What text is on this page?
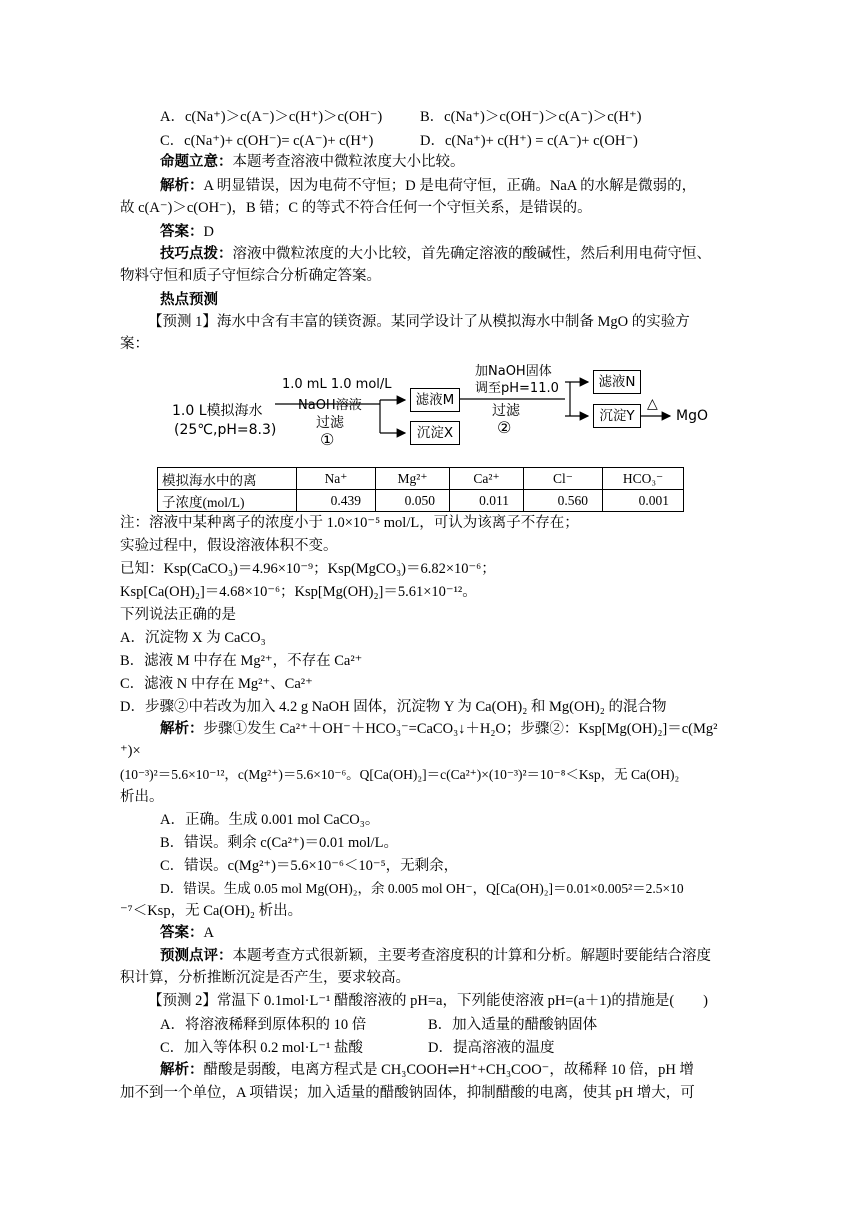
A．c(Na⁺)＞c(A⁻)＞c(H⁺)＞c(OH⁻)	B．c(Na⁺)＞c(OH⁻)＞c(A⁻)＞c(H⁺)
C．c(Na⁺)+ c(OH⁻)= c(A⁻)+ c(H⁺)	D．c(Na⁺)+ c(H⁺) = c(A⁻)+ c(OH⁻)
命题立意：本题考查溶液中微粒浓度大小比较。
解析：A 明显错误，因为电荷不守恒；D 是电荷守恒，正确。NaA 的水解是微弱的，
故 c(A⁻)＞c(OH⁻)，B 错；C 的等式不符合任何一个守恒关系，是错误的。
答案：D
技巧点拨：溶液中微粒浓度的大小比较，首先确定溶液的酸碱性，然后利用电荷守恒、
物料守恒和质子守恒综合分析确定答案。
热点预测
【预测 1】海水中含有丰富的镁资源。某同学设计了从模拟海水中制备 MgO 的实验方
案：
1.0 L模拟海水
(25℃,pH=8.3)
1.0 mL 1.0 mol/L
NaOH溶液
过滤
①
滤液M
沉淀X
加NaOH固体
调至pH=11.0
过滤
②
滤液N
沉淀Y
△
MgO
模拟海水中的离	Na⁺	Mg²⁺	Ca²⁺	Cl⁻	HCO₃⁻
子浓度(mol/L)	0.439	0.050	0.011	0.560	0.001
注：溶液中某种离子的浓度小于 1.0×10⁻⁵ mol/L，可认为该离子不存在；
实验过程中，假设溶液体积不变。
已知：Ksp(CaCO₃)＝4.96×10⁻⁹；Ksp(MgCO₃)＝6.82×10⁻⁶；
Ksp[Ca(OH)₂]＝4.68×10⁻⁶；Ksp[Mg(OH)₂]＝5.61×10⁻¹²。
下列说法正确的是
A．沉淀物 X 为 CaCO₃
B．滤液 M 中存在 Mg²⁺，不存在 Ca²⁺
C．滤液 N 中存在 Mg²⁺、Ca²⁺
D．步骤②中若改为加入 4.2 g NaOH 固体，沉淀物 Y 为 Ca(OH)₂ 和 Mg(OH)₂ 的混合物
解析：步骤①发生 Ca²⁺＋OH⁻＋HCO₃⁻=CaCO₃↓＋H₂O；步骤②：Ksp[Mg(OH)₂]＝c(Mg²
⁺)×
(10⁻³)²＝5.6×10⁻¹²，c(Mg²⁺)＝5.6×10⁻⁶。Q[Ca(OH)₂]＝c(Ca²⁺)×(10⁻³)²＝10⁻⁸＜Ksp，无 Ca(OH)₂
析出。
A．正确。生成 0.001 mol CaCO₃。
B．错误。剩余 c(Ca²⁺)＝0.01 mol/L。
C．错误。c(Mg²⁺)＝5.6×10⁻⁶＜10⁻⁵，无剩余，
D．错误。生成 0.05 mol Mg(OH)₂，余 0.005 mol OH⁻，Q[Ca(OH)₂]＝0.01×0.005²＝2.5×10
⁻⁷＜Ksp，无 Ca(OH)₂ 析出。
答案：A
预测点评：本题考查方式很新颖，主要考查溶度积的计算和分析。解题时要能结合溶度
积计算，分析推断沉淀是否产生，要求较高。
【预测 2】常温下 0.1mol·L⁻¹ 醋酸溶液的 pH=a，下列能使溶液 pH=(a＋1)的措施是(　　)
A．将溶液稀释到原体积的 10 倍	B．加入适量的醋酸钠固体
C．加入等体积 0.2 mol·L⁻¹ 盐酸	D．提高溶液的温度
解析：醋酸是弱酸，电离方程式是 CH₃COOH⇌H⁺+CH₃COO⁻，故稀释 10 倍，pH 增
加不到一个单位，A 项错误；加入适量的醋酸钠固体，抑制醋酸的电离，使其 pH 增大，可
